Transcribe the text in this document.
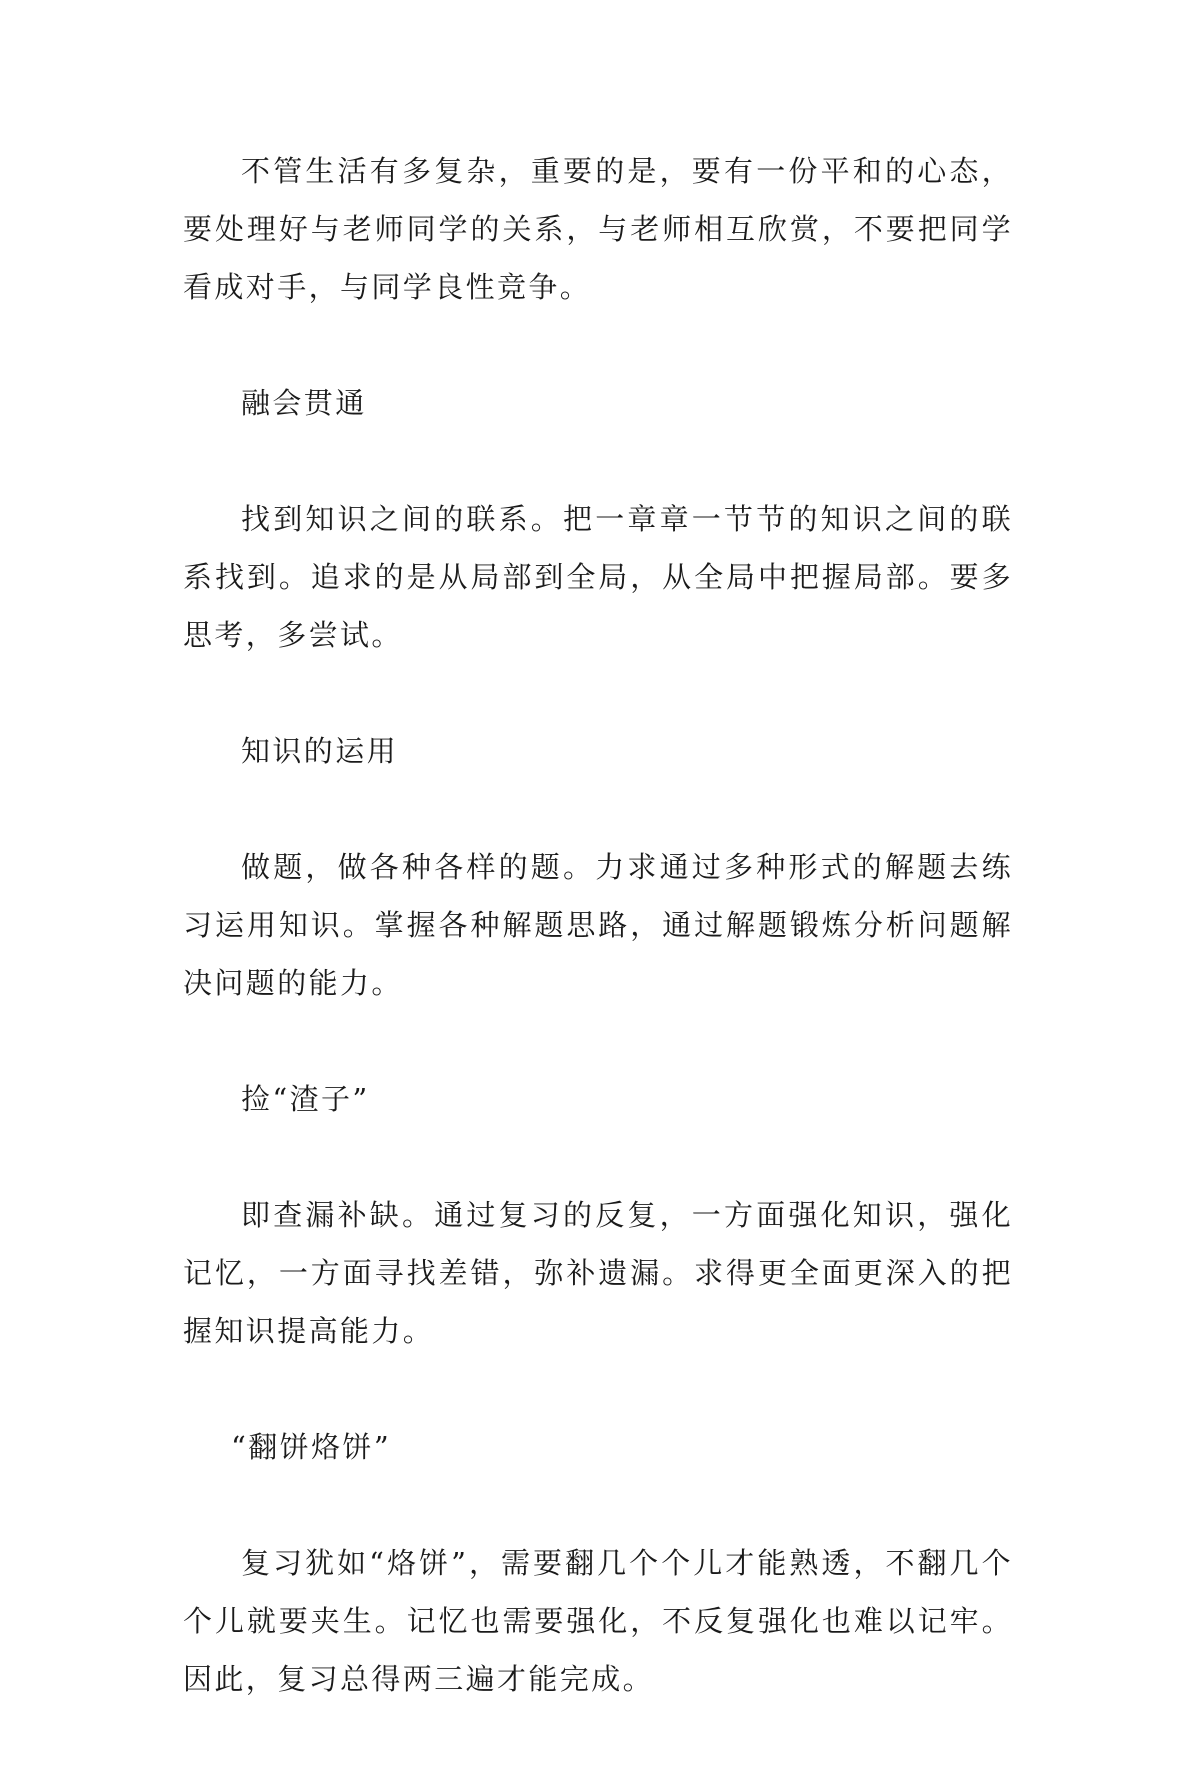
不管生活有多复杂，重要的是，要有一份平和的心态，要处理好与老师同学的关系，与老师相互欣赏，不要把同学看成对手，与同学良性竞争。

融会贯通

找到知识之间的联系。把一章章一节节的知识之间的联系找到。追求的是从局部到全局，从全局中把握局部。要多思考，多尝试。

知识的运用

做题，做各种各样的题。力求通过多种形式的解题去练习运用知识。掌握各种解题思路，通过解题锻炼分析问题解决问题的能力。

捡“渣子”

即查漏补缺。通过复习的反复，一方面强化知识，强化记忆，一方面寻找差错，弥补遗漏。求得更全面更深入的把握知识提高能力。

“翻饼烙饼”

复习犹如“烙饼”，需要翻几个个儿才能熟透，不翻几个个儿就要夹生。记忆也需要强化，不反复强化也难以记牢。因此，复习总得两三遍才能完成。
